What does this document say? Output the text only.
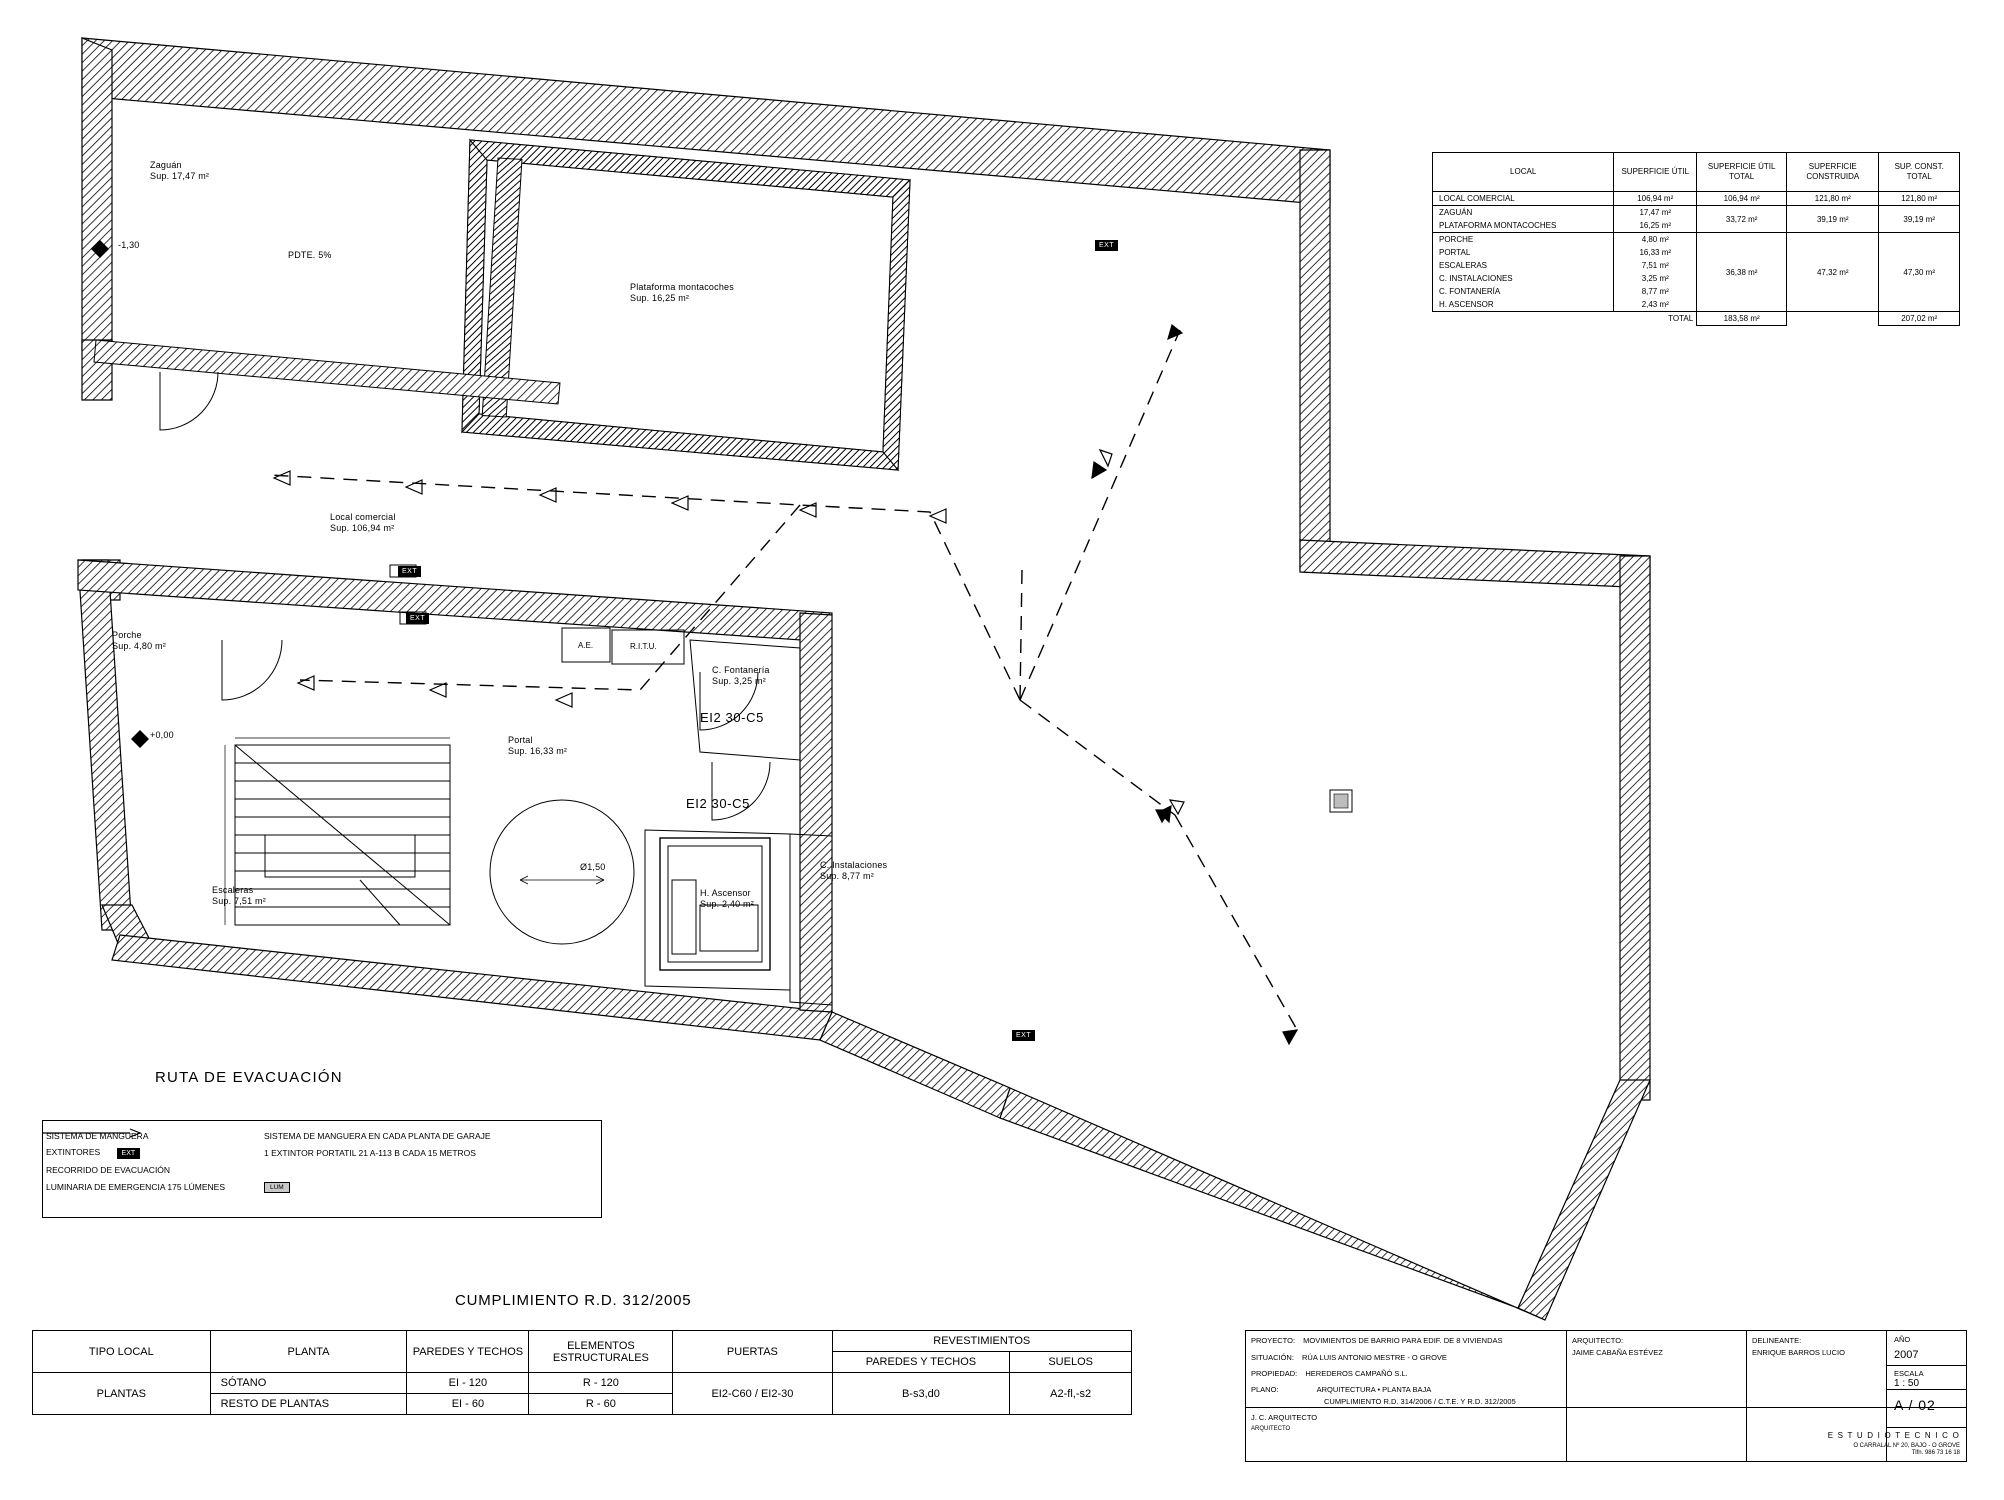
Zaguán
Sup. 17,47 m²
Plataforma montacoches
Sup. 16,25 m²
Local comercial
Sup. 106,94 m²
Porche
Sup. 4,80 m²
Portal
Sup. 16,33 m²
C. Fontanería
Sup. 3,25 m²
C. Instalaciones
Sup. 8,77 m²
H. Ascensor
Sup. 2,40 m²
Escaleras
Sup. 7,51 m²
PDTE. 5%
-1,30
+0,00
Ø1,50
EI2 30-C5
EI2 30-C5
A.E.	R.I.T.U.
EXT
EXT
EXT
EXT
LOCAL	SUPERFICIE ÚTIL	SUPERFICIE ÚTIL TOTAL	SUPERFICIE CONSTRUIDA	SUP. CONST. TOTAL
LOCAL COMERCIAL	106,94 m²	106,94 m²	121,80 m²	121,80 m²
ZAGUÁN	17,47 m²	33,72 m²	39,19 m²	39,19 m²
PLATAFORMA MONTACOCHES	16,25 m²			
PORCHE	4,80 m²	36,38 m²	47,32 m²	47,30 m²
PORTAL	16,33 m²			
ESCALERAS	7,51 m²			
C. INSTALACIONES	3,25 m²			
C. FONTANERÍA	8,77 m²			
H. ASCENSOR	2,43 m²			
	TOTAL	183,58 m²		207,02 m²
RUTA DE EVACUACIÓN
SISTEMA DE MANGUERA	SISTEMA DE MANGUERA EN CADA PLANTA DE GARAJE
EXTINTORES EXT	1 EXTINTOR PORTATIL 21 A-113 B CADA 15 METROS
RECORRIDO DE EVACUACIÓN	

LUMINARIA DE EMERGENCIA 175 LÚMENES	LUM
CUMPLIMIENTO R.D. 312/2005
TIPO LOCAL	PLANTA	PAREDES Y TECHOS	ELEMENTOS ESTRUCTURALES	PUERTAS	REVESTIMIENTOS	
					PAREDES Y TECHOS	SUELOS
PLANTAS	SÓTANO	EI - 120	R - 120	EI2-C60 / EI2-30	B-s3,d0	A2-fl,-s2
	RESTO DE PLANTAS	EI - 60	R - 60			
PROYECTO: MOVIMIENTOS DE BARRIO PARA EDIF. DE 8 VIVIENDAS
SITUACIÓN: RÚA LUIS ANTONIO MESTRE - O GROVE
PROPIEDAD: HEREDEROS CAMPAÑÓ S.L.
PLANO:	ARQUITECTURA • PLANTA BAJA
CUMPLIMIENTO R.D. 314/2006 / C.T.E. Y R.D. 312/2005
J. C. ARQUITECTO
ARQUITECTO
ARQUITECTO:
JAIME CABAÑA ESTÉVEZ
DELINEANTE:
ENRIQUE BARROS LUCIO
AÑO
2007
ESCALA
1 : 50
A / 02
E S T U D I O T E C N I C O
O CARRALAL Nº 20, BAJO - O GROVE
Tlfn. 986 73 16 18
